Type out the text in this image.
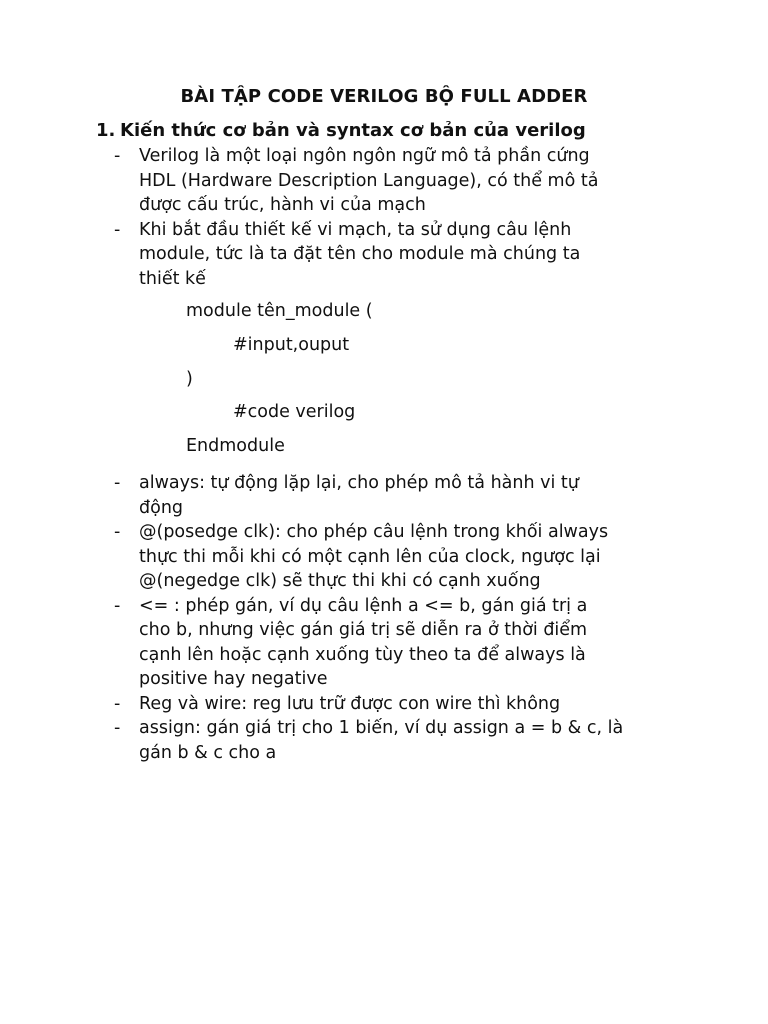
BÀI TẬP CODE VERILOG BỘ FULL ADDER
1. Kiến thức cơ bản và syntax cơ bản của verilog
- Verilog là một loại ngôn ngôn ngữ mô tả phần cứng
HDL (Hardware Description Language), có thể mô tả
được cấu trúc, hành vi của mạch
- Khi bắt đầu thiết kế vi mạch, ta sử dụng câu lệnh
module, tức là ta đặt tên cho module mà chúng ta
thiết kế
module tên_module (
#input,ouput
)
#code verilog
Endmodule
- always: tự động lặp lại, cho phép mô tả hành vi tự
động
- @(posedge clk): cho phép câu lệnh trong khối always
thực thi mỗi khi có một cạnh lên của clock, ngược lại
@(negedge clk) sẽ thực thi khi có cạnh xuống
- <= : phép gán, ví dụ câu lệnh a <= b, gán giá trị a
cho b, nhưng việc gán giá trị sẽ diễn ra ở thời điểm
cạnh lên hoặc cạnh xuống tùy theo ta để always là
positive hay negative
- Reg và wire: reg lưu trữ được con wire thì không
- assign: gán giá trị cho 1 biến, ví dụ assign a = b & c, là
gán b & c cho a
